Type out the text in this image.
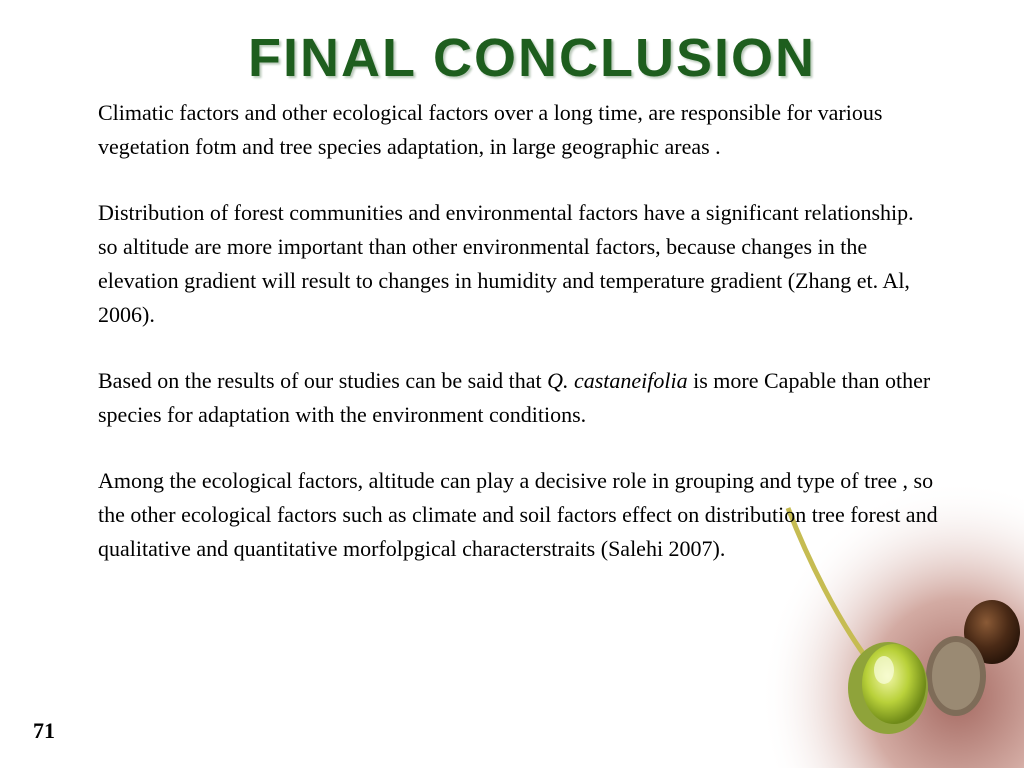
FINAL CONCLUSION

Climatic factors and other ecological factors over a long time, are responsible for various vegetation fotm and tree species adaptation, in large geographic areas .

Distribution of forest communities and environmental factors have a significant relationship. so altitude are more important than other environmental factors, because changes in the elevation gradient will result to changes in humidity and temperature gradient (Zhang et. Al, 2006).

Based on the results of our studies can be said that Q. castaneifolia is more Capable than other species for adaptation with the environment conditions.

Among the ecological factors, altitude can play a decisive role in grouping and type of tree , so the other ecological factors such as climate and soil factors effect on distribution tree forest and qualitative and quantitative morfolpgical characterstraits (Salehi 2007).

71
